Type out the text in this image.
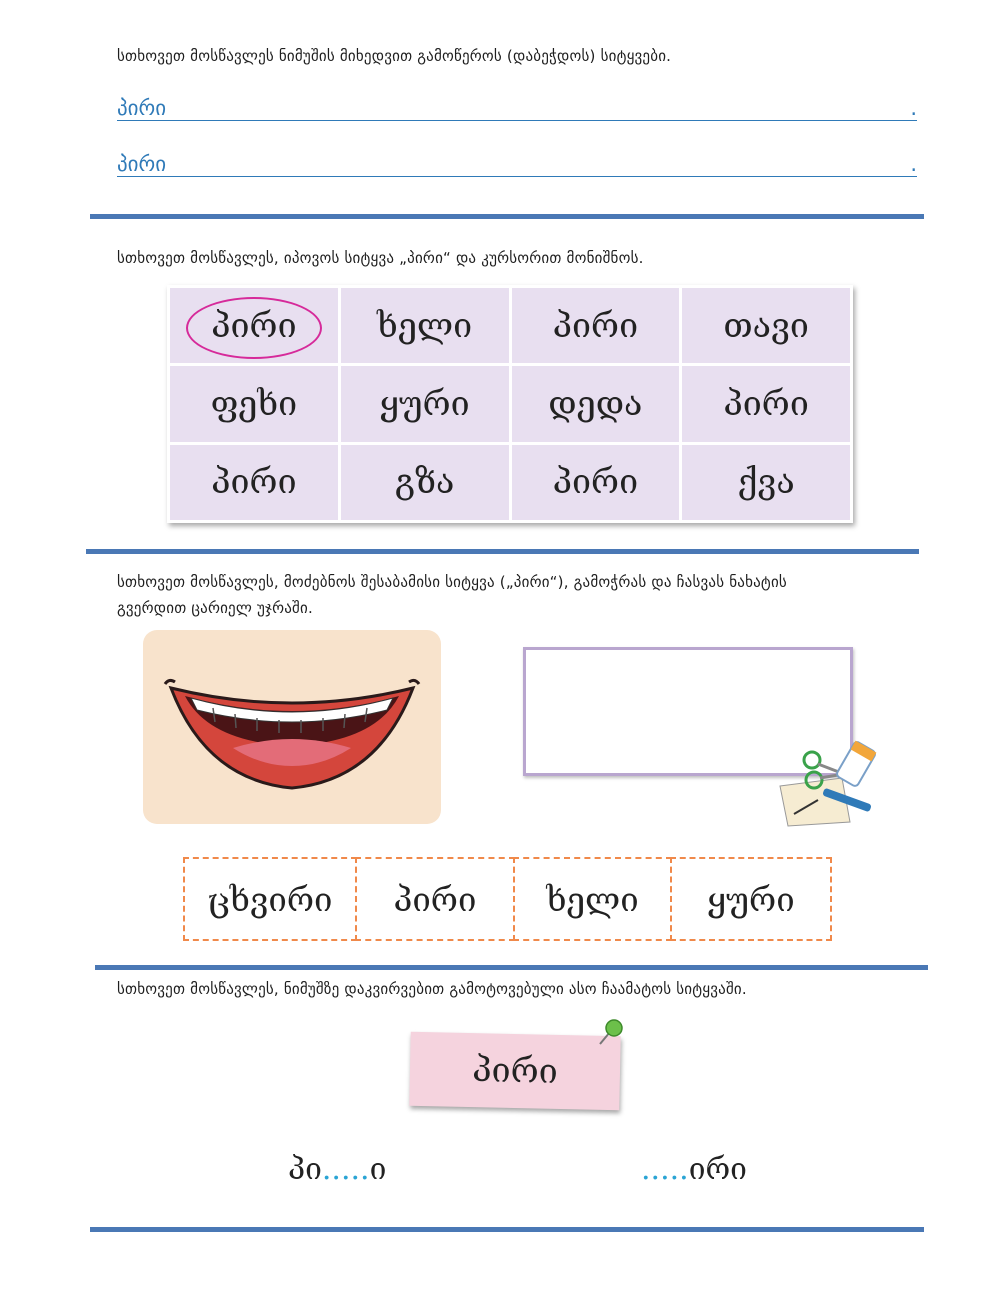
სთხოვეთ მოსწავლეს ნიმუშის მიხედვით გამოწეროს (დაბეჭდოს) სიტყვები.
პირი	.
პირი	.
სთხოვეთ მოსწავლეს, იპოვოს სიტყვა „პირი“ და კურსორით მონიშნოს.
პირი ხელი პირი	თავი
ფეხი ყური დედა პირი
პირი	გზა	პირი	ქვა
სთხოვეთ მოსწავლეს, მოძებნოს შესაბამისი სიტყვა („პირი“), გამოჭრას და ჩასვას ნახატის
გვერდით ცარიელ უჯრაში.
ცხვირი პირი ხელი ყური
სთხოვეთ მოსწავლეს, ნიმუშზე დაკვირვებით გამოტოვებული ასო ჩაამატოს სიტყვაში.
პირი
პი.....ი	.....ირი
